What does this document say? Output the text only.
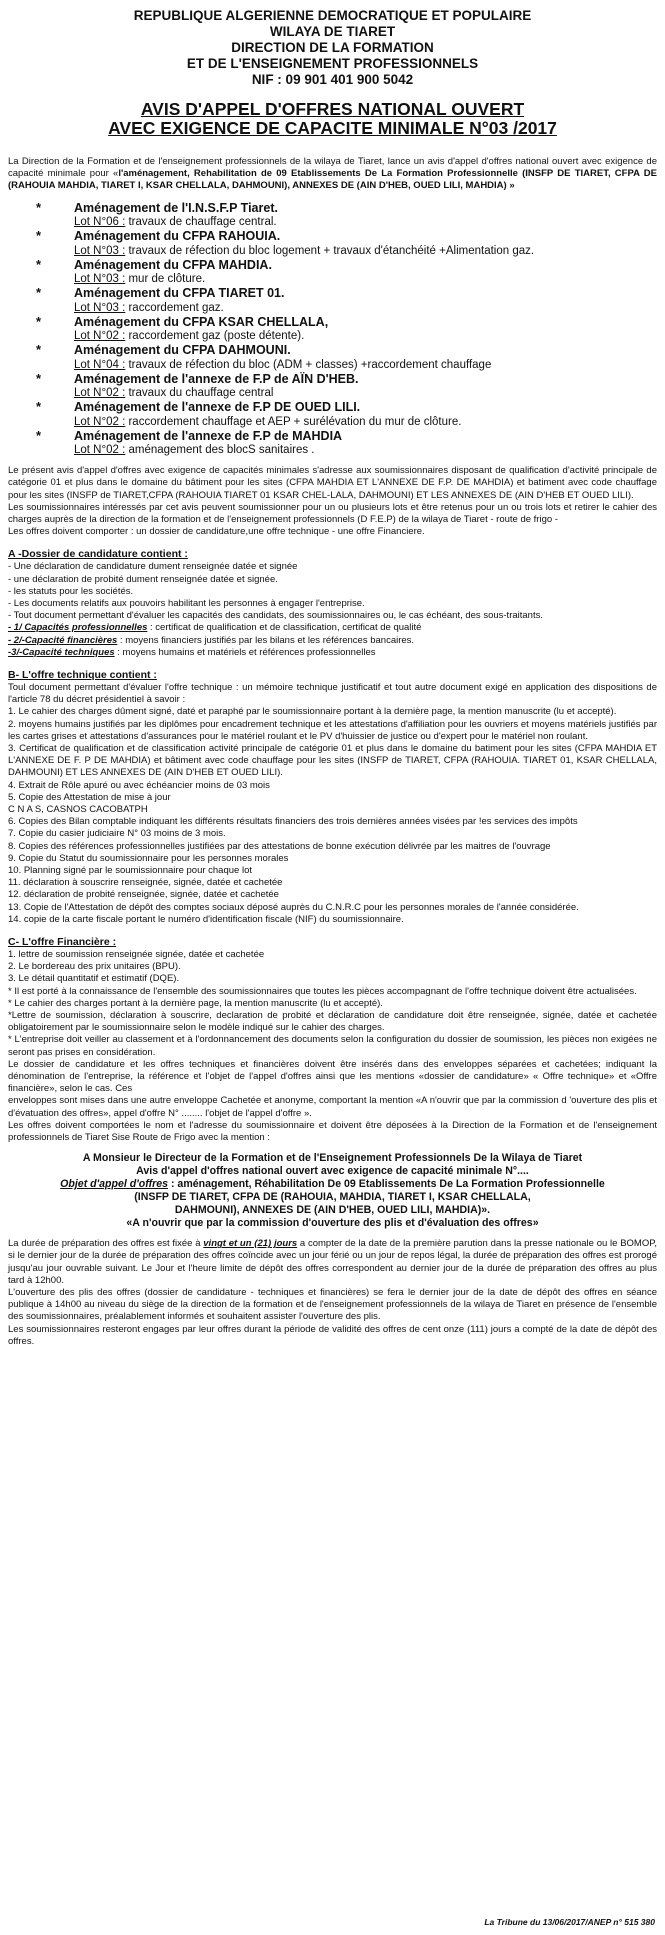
REPUBLIQUE ALGERIENNE DEMOCRATIQUE ET POPULAIRE
WILAYA DE TIARET
DIRECTION DE LA FORMATION
ET DE L'ENSEIGNEMENT PROFESSIONNELS
NIF : 09 901 401 900 5042
AVIS D'APPEL D'OFFRES NATIONAL OUVERT
AVEC EXIGENCE DE CAPACITE MINIMALE N°03 /2017

La Direction de la Formation et de l'enseignement professionnels de la wilaya de Tiaret, lance un avis d'appel d'offres national ouvert avec exigence de capacité minimale pour «l'aménagement, Rehabilitation de 09 Etablissements De La Formation Professionnelle (INSFP DE TIARET, CFPA DE (RAHOUIA MAHDIA, TIARET I, KSAR CHELLALA, DAHMOUNI), ANNEXES DE (AIN D'HEB, OUED LILI, MAHDIA) »

*	Aménagement de l'I.N.S.F.P Tiaret.
Lot N°06 : travaux de chauffage central.
*	Aménagement du CFPA RAHOUIA.
Lot N°03 : travaux de réfection du bloc logement + travaux d'étanchéité +Alimentation gaz.
*	Aménagement du CFPA MAHDIA.
Lot N°03 : mur de clôture.
*	Aménagement du CFPA TIARET 01.
Lot N°03 : raccordement gaz.
*	Aménagement du CFPA KSAR CHELLALA,
Lot N°02 : raccordement gaz (poste détente).
*	Aménagement du CFPA DAHMOUNI.
Lot N°04 : travaux de réfection du bloc (ADM + classes) +raccordement chauffage
*	Aménagement de l'annexe de F.P de AÏN D'HEB.
Lot N°02 : travaux du chauffage central
*	Aménagement de l'annexe de F.P DE OUED LILI.
Lot N°02 : raccordement chauffage et AEP + surélévation du mur de clôture.
*	Aménagement de l'annexe de F.P de MAHDIA
Lot N°02 : aménagement des blocS sanitaires .

Le présent avis d'appel d'offres avec exigence de capacités minimales s'adresse aux soumissionnaires disposant de qualification d'activité principale de catégorie 01 et plus dans le domaine du bâtiment pour les sites (CFPA MAHDIA ET L'ANNEXE DE F.P. DE MAHDIA) et batiment avec code chauffage pour les sites (INSFP de TIARET,CFPA (RAHOUIA TIARET 01 KSAR CHEL-LALA, DAHMOUNI) ET LES ANNEXES DE (AIN D'HEB ET OUED LILI).

Les soumissionnaires intéressés par cet avis peuvent soumissionner pour un ou plusieurs lots et être retenus pour un ou trois lots et retirer le cahier des charges auprès de la direction de la formation et de l'enseignement professionnels (D F.E.P) de la wilaya de Tiaret - route de frigo -

Les offres doivent comporter : un dossier de candidature,une offre technique - une offre Financiere.

A -Dossier de candidature contient :

- Une déclaration de candidature dument renseignée datée et signée

- une déclaration de probité dument renseignée datée et signée.

- les statuts pour les sociétés.

- Les documents relatifs aux pouvoirs habilitant les personnes à engager l'entreprise.

- Tout document permettant d'évaluer les capacités des candidats, des soumissionnaires ou, le cas échéant, des sous-traitants.

- 1/ Capacités professionnelles : certificat de qualification et de classification, certificat de qualité

- 2/-Capacité financières : moyens financiers justifiés par les bilans et les références bancaires.

-3/-Capacité techniques : moyens humains et matériels et références professionnelles

B- L'offre technique contient :

Toul document permettant d'évaluer l'offre technique : un mémoire technique justificatif et tout autre document exigé en application des dispositions de l'article 78 du décret présidentiel à savoir :

1. Le cahier des charges dûment signé, daté et paraphé par le soumissionnaire portant à la dernière page, la mention manuscrite (lu et accepté).

2. moyens humains justifiés par les diplômes pour encadrement technique et les attestations d'affiliation pour les ouvriers et moyens matériels justifiés par les cartes grises et attestations d'assurances pour le matériel roulant et le PV d'huissier de justice ou d'expert pour le matériel non roulant.

3. Certificat de qualification et de classification activité principale de catégorie 01 et plus dans le domaine du batiment pour les sites (CFPA MAHDIA ET L'ANNEXE DE F. P DE MAHDIA) et bâtiment avec code chauffage pour les sites (INSFP de TIARET, CFPA (RAHOUIA. TIARET 01, KSAR CHELLALA, DAHMOUNI) ET LES ANNEXES DE (AIN D'HEB ET OUED LILI).

4. Extrait de Rôle apuré ou avec échéancier moins de 03 mois

5. Copie des Attestation de mise à jour

C N A S, CASNOS CACOBATPH

6. Copies des Bilan comptable indiquant les différents résultats financiers des trois dernières années visées par !es services des impôts

7. Copie du casier judiciaire N° 03 moins de 3 mois.

8. Copies des références professionnelles justifiées par des attestations de bonne exécution délivrée par les maitres de l'ouvrage

9. Copie du Statut du soumissionnaire pour les personnes morales

10. Planning signé par le soumissionnaire pour chaque lot

11. déclaration à souscrire renseignée, signée, datée et cachetée

12. déclaration de probité renseignée, signée, datée et cachetée

13. Copie de l'Attestation de dépôt des comptes sociaux déposé auprès du C.N.R.C pour les personnes morales de l'année considérée.

14. copie de la carte fiscale portant le numéro d'identification fiscale (NIF) du soumissionnaire.

C- L'offre Financière :

1. lettre de soumission renseignée signée, datée et cachetée

2. Le bordereau des prix unitaires (BPU).

3. Le détail quantitatif et estimatif (DQE).

* Il est porté à la connaissance de l'ensemble des soumissionnaires que toutes les pièces accompagnant de l'offre technique doivent être actualisées.

* Le cahier des charges portant à la dernière page, la mention manuscrite (lu et accepté).

*Lettre de soumission, déclaration à souscrire, declaration de probité et déclaration de candidature doit être renseignée, signée, datée et cachetée obligatoirement par le soumissionnaire selon le modèle indiqué sur le cahier des charges.

* L'entreprise doit veiller au classement et à l'ordonnancement des documents selon la configuration du dossier de soumission, les pièces non exigées ne seront pas prises en considération.

Le dossier de candidature et les offres techniques et financières doivent être insérés dans des enveloppes séparées et cachetées; indiquant la dénomination de l'entreprise, la référence et l'objet de l'appel d'offres ainsi que les mentions «dossier de candidature» « Offre technique» et «Offre financière», selon le cas. Ces

enveloppes sont mises dans une autre enveloppe Cachetée et anonyme, comportant la mention «A n'ouvrir que par la commission d 'ouverture des plis et d'évatuation des offres», appel d'offre N° ........ l'objet de l'appel d'offre ».

Les offres doivent comportées le nom et l'adresse du soumissionnaire et doivent être déposées à la Direction de la Formation et de l'enseignement professionnels de Tiaret Sise Route de Frigo avec la mention :

A Monsieur le Directeur de la Formation et de l'Enseignement Professionnels De la Wilaya de Tiaret
Avis d'appel d'offres national ouvert avec exigence de capacité minimale N°....
Objet d'appel d'offres : aménagement, Réhabilitation De 09 Etablissements De La Formation Professionnelle
(INSFP DE TIARET, CFPA DE (RAHOUIA, MAHDIA, TIARET I, KSAR CHELLALA,
DAHMOUNI), ANNEXES DE (AIN D'HEB, OUED LILI, MAHDIA)».
«A n'ouvrir que par la commission d'ouverture des plis et d'évaluation des offres»

La durée de préparation des offres est fixée à vingt et un (21) jours a compter de la date de la première parution dans la presse nationale ou le BOMOP, si le dernier jour de la durée de préparation des offres coïncide avec un jour férié ou un jour de repos légal, la durée de préparation des offres est prorogé jusqu'au jour ouvrable suivant. Le Jour et l'heure limite de dépôt des offres correspondent au dernier jour de la durée de préparation des offres au plus tard à 12h00.

L'ouverture des plis des offres (dossier de candidature - techniques et financières) se fera le dernier jour de la date de dépôt des offres en séance publique à 14h00 au niveau du siège de la direction de la formation et de l'enseignement professionnels de la wilaya de Tiaret en présence de l'ensemble des soumissionnaires, préalablement informés et souhaitent assister l'ouverture des plis.

Les soumissionnaires resteront engages par leur offres durant la période de validité des offres de cent onze (111) jours a compté de la date de dépôt des offres.

La Tribune du 13/06/2017/ANEP n° 515 380
